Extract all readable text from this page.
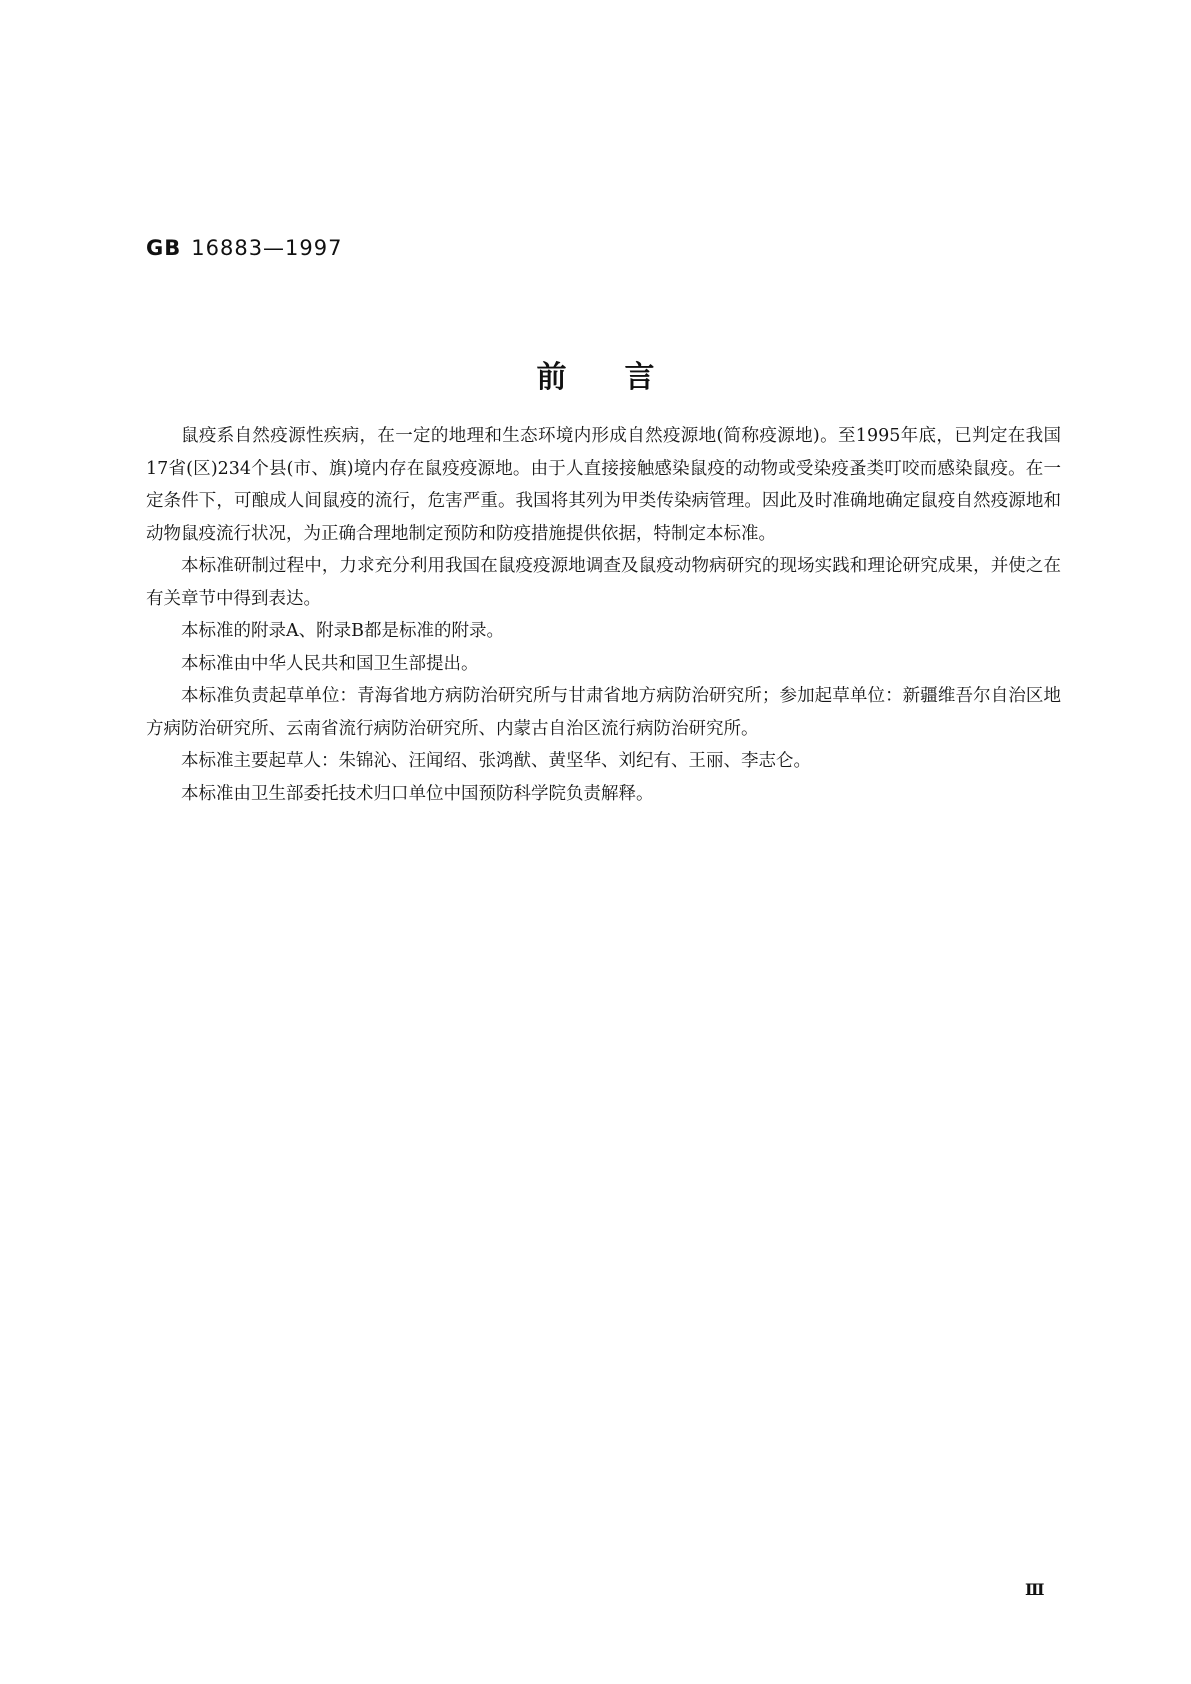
GB 16883—1997
前言

鼠疫系自然疫源性疾病，在一定的地理和生态环境内形成自然疫源地(简称疫源地)。至1995年底，已判定在我国17省(区)234个县(市、旗)境内存在鼠疫疫源地。由于人直接接触感染鼠疫的动物或受染疫蚤类叮咬而感染鼠疫。在一定条件下，可酿成人间鼠疫的流行，危害严重。我国将其列为甲类传染病管理。因此及时准确地确定鼠疫自然疫源地和动物鼠疫流行状况，为正确合理地制定预防和防疫措施提供依据，特制定本标准。

本标准研制过程中，力求充分利用我国在鼠疫疫源地调查及鼠疫动物病研究的现场实践和理论研究成果，并使之在有关章节中得到表达。

本标准的附录A、附录B都是标准的附录。

本标准由中华人民共和国卫生部提出。

本标准负责起草单位：青海省地方病防治研究所与甘肃省地方病防治研究所；参加起草单位：新疆维吾尔自治区地方病防治研究所、云南省流行病防治研究所、内蒙古自治区流行病防治研究所。

本标准主要起草人：朱锦沁、汪闻绍、张鸿猷、黄坚华、刘纪有、王丽、李志仑。

本标准由卫生部委托技术归口单位中国预防科学院负责解释。

Ⅲ
